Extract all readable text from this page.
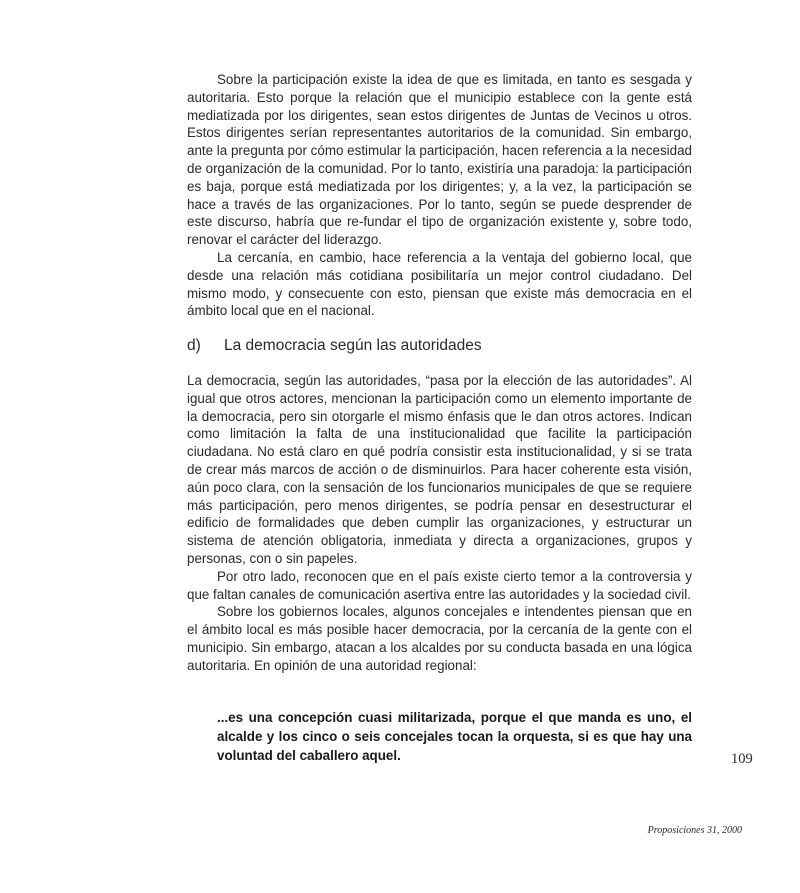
Sobre la participación existe la idea de que es limitada, en tanto es sesgada y autoritaria. Esto porque la relación que el municipio establece con la gente está mediatizada por los dirigentes, sean estos dirigentes de Juntas de Vecinos u otros. Estos dirigentes serían representantes autoritarios de la comunidad. Sin embargo, ante la pregunta por cómo estimular la participación, hacen referencia a la necesidad de organización de la comunidad. Por lo tanto, existiría una paradoja: la participación es baja, porque está mediatizada por los dirigentes; y, a la vez, la participación se hace a través de las organizaciones. Por lo tanto, según se puede desprender de este discurso, habría que re-fundar el tipo de organización existente y, sobre todo, renovar el carácter del liderazgo.

La cercanía, en cambio, hace referencia a la ventaja del gobierno local, que desde una relación más cotidiana posibilitaría un mejor control ciudadano. Del mismo modo, y consecuente con esto, piensan que existe más democracia en el ámbito local que en el nacional.

d) La democracia según las autoridades

La democracia, según las autoridades, “pasa por la elección de las autoridades”. Al igual que otros actores, mencionan la participación como un elemento importante de la democracia, pero sin otorgarle el mismo énfasis que le dan otros actores. Indican como limitación la falta de una institucionalidad que facilite la participación ciudadana. No está claro en qué podría consistir esta institucionalidad, y si se trata de crear más marcos de acción o de disminuirlos. Para hacer coherente esta visión, aún poco clara, con la sensación de los funcionarios municipales de que se requiere más participación, pero menos dirigentes, se podría pensar en desestructurar el edificio de formalidades que deben cumplir las organizaciones, y estructurar un sistema de atención obligatoria, inmediata y directa a organizaciones, grupos y personas, con o sin papeles.

Por otro lado, reconocen que en el país existe cierto temor a la controversia y que faltan canales de comunicación asertiva entre las autoridades y la sociedad civil.

Sobre los gobiernos locales, algunos concejales e intendentes piensan que en el ámbito local es más posible hacer democracia, por la cercanía de la gente con el municipio. Sin embargo, atacan a los alcaldes por su conducta basada en una lógica autoritaria. En opinión de una autoridad regional:

...es una concepción cuasi militarizada, porque el que manda es uno, el alcalde y los cinco o seis concejales tocan la orquesta, si es que hay una voluntad del caballero aquel.	109
Proposiciones 31, 2000
